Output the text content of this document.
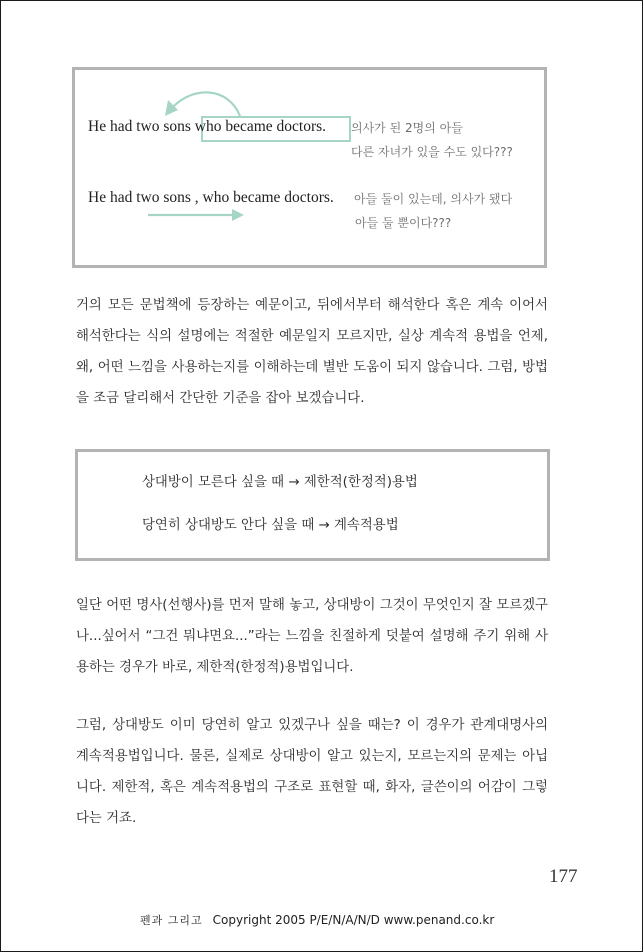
He had two sons who became doctors. 의사가 된 2명의 아들
다른 자녀가 있을 수도 있다???
He had two sons , who became doctors. 아들 둘이 있는데, 의사가 됐다
아들 둘 뿐이다???

거의 모든 문법책에 등장하는 예문이고, 뒤에서부터 해석한다 혹은 계속 이어서 해석한다는 식의 설명에는 적절한 예문일지 모르지만, 실상 계속적 용법을 언제, 왜, 어떤 느낌을 사용하는지를 이해하는데 별반 도움이 되지 않습니다. 그럼, 방법을 조금 달리해서 간단한 기준을 잡아 보겠습니다.

상대방이 모른다 싶을 때 → 제한적(한정적)용법
당연히 상대방도 안다 싶을 때 → 계속적용법

일단 어떤 명사(선행사)를 먼저 말해 놓고, 상대방이 그것이 무엇인지 잘 모르겠구나...싶어서 “그건 뭐냐면요...”라는 느낌을 친절하게 덧붙여 설명해 주기 위해 사용하는 경우가 바로, 제한적(한정적)용법입니다.

그럼, 상대방도 이미 당연히 알고 있겠구나 싶을 때는? 이 경우가 관계대명사의 계속적용법입니다. 물론, 실제로 상대방이 알고 있는지, 모르는지의 문제는 아닙니다. 제한적, 혹은 계속적용법의 구조로 표현할 때, 화자, 글쓴이의 어감이 그렇다는 거죠.

177
펜과 그리고 Copyright 2005 P/E/N/A/N/D www.penand.co.kr
